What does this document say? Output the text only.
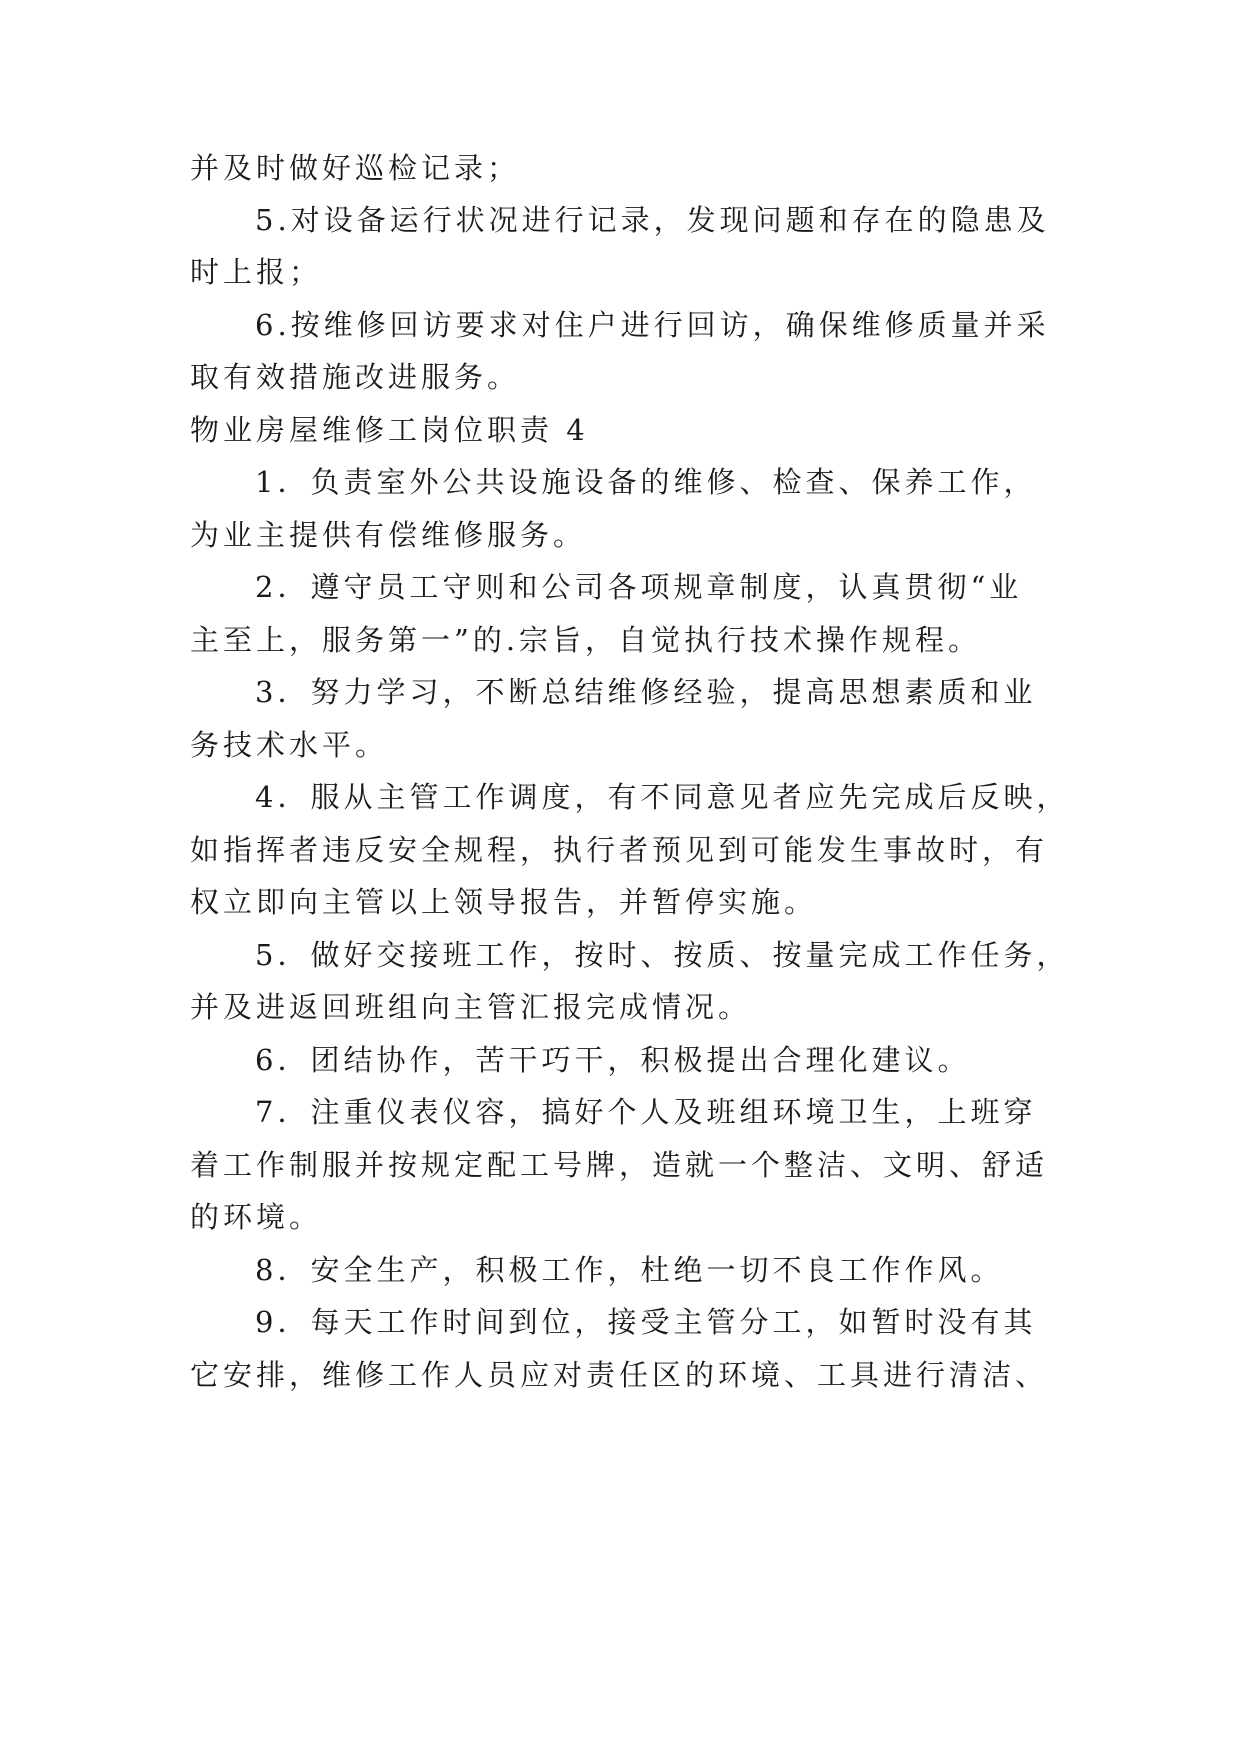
并及时做好巡检记录；
5.对设备运行状况进行记录，发现问题和存在的隐患及
时上报；
6.按维修回访要求对住户进行回访，确保维修质量并采
取有效措施改进服务。
物业房屋维修工岗位职责 4
1．负责室外公共设施设备的维修、检查、保养工作，
为业主提供有偿维修服务。
2．遵守员工守则和公司各项规章制度，认真贯彻“业
主至上，服务第一”的.宗旨，自觉执行技术操作规程。
3．努力学习，不断总结维修经验，提高思想素质和业
务技术水平。
4．服从主管工作调度，有不同意见者应先完成后反映，
如指挥者违反安全规程，执行者预见到可能发生事故时，有
权立即向主管以上领导报告，并暂停实施。
5．做好交接班工作，按时、按质、按量完成工作任务，
并及进返回班组向主管汇报完成情况。
6．团结协作，苦干巧干，积极提出合理化建议。
7．注重仪表仪容，搞好个人及班组环境卫生，上班穿
着工作制服并按规定配工号牌，造就一个整洁、文明、舒适
的环境。
8．安全生产，积极工作，杜绝一切不良工作作风。
9．每天工作时间到位，接受主管分工，如暂时没有其
它安排，维修工作人员应对责任区的环境、工具进行清洁、
